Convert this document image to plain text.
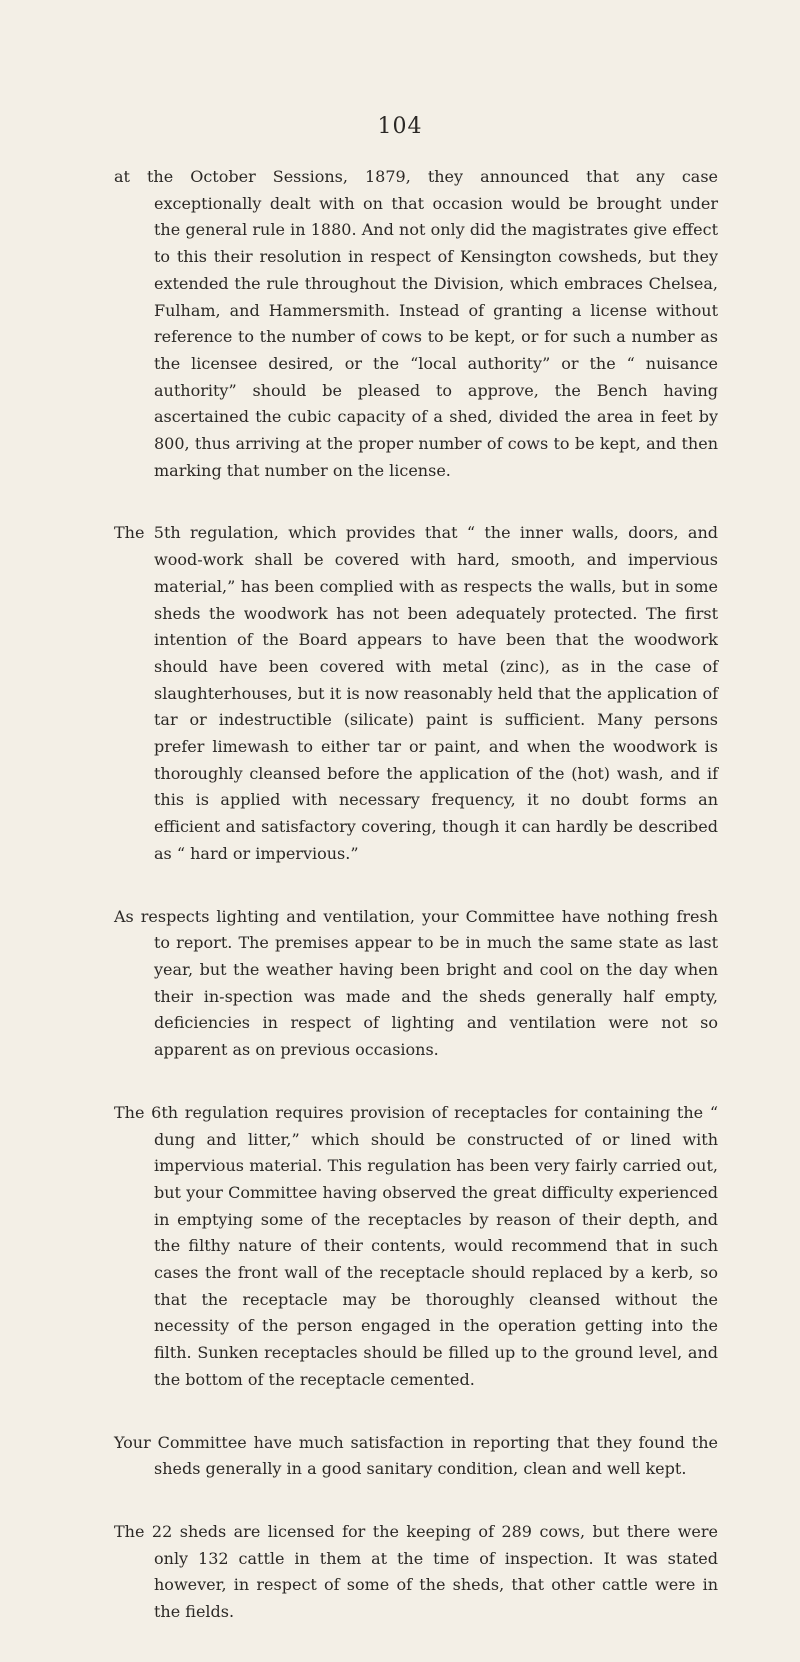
104

at the October Sessions, 1879, they announced that any case exceptionally dealt with on that occasion would be brought under the general rule in 1880. And not only did the magistrates give effect to this their resolution in respect of Kensington cowsheds, but they extended the rule throughout the Division, which embraces Chelsea, Fulham, and Hammersmith. Instead of granting a license without reference to the number of cows to be kept, or for such a number as the licensee desired, or the “local authority” or the “ nuisance authority” should be pleased to approve, the Bench having ascertained the cubic capacity of a shed, divided the area in feet by 800, thus arriving at the proper number of cows to be kept, and then marking that number on the license.

The 5th regulation, which provides that “ the inner walls, doors, and wood-work shall be covered with hard, smooth, and impervious material,” has been complied with as respects the walls, but in some sheds the woodwork has not been adequately protected. The first intention of the Board appears to have been that the woodwork should have been covered with metal (zinc), as in the case of slaughterhouses, but it is now reasonably held that the application of tar or indestructible (silicate) paint is sufficient. Many persons prefer limewash to either tar or paint, and when the woodwork is thoroughly cleansed before the application of the (hot) wash, and if this is applied with necessary frequency, it no doubt forms an efficient and satisfactory covering, though it can hardly be described as “ hard or impervious.”

As respects lighting and ventilation, your Committee have nothing fresh to report. The premises appear to be in much the same state as last year, but the weather having been bright and cool on the day when their in-spection was made and the sheds generally half empty, deficiencies in respect of lighting and ventilation were not so apparent as on previous occasions.

The 6th regulation requires provision of receptacles for containing the “ dung and litter,” which should be constructed of or lined with impervious material. This regulation has been very fairly carried out, but your Committee having observed the great difficulty experienced in emptying some of the receptacles by reason of their depth, and the filthy nature of their contents, would recommend that in such cases the front wall of the receptacle should replaced by a kerb, so that the receptacle may be thoroughly cleansed without the necessity of the person engaged in the operation getting into the filth. Sunken receptacles should be filled up to the ground level, and the bottom of the receptacle cemented.

Your Committee have much satisfaction in reporting that they found the sheds generally in a good sanitary condition, clean and well kept.

The 22 sheds are licensed for the keeping of 289 cows, but there were only 132 cattle in them at the time of inspection. It was stated however, in respect of some of the sheds, that other cattle were in the fields.
